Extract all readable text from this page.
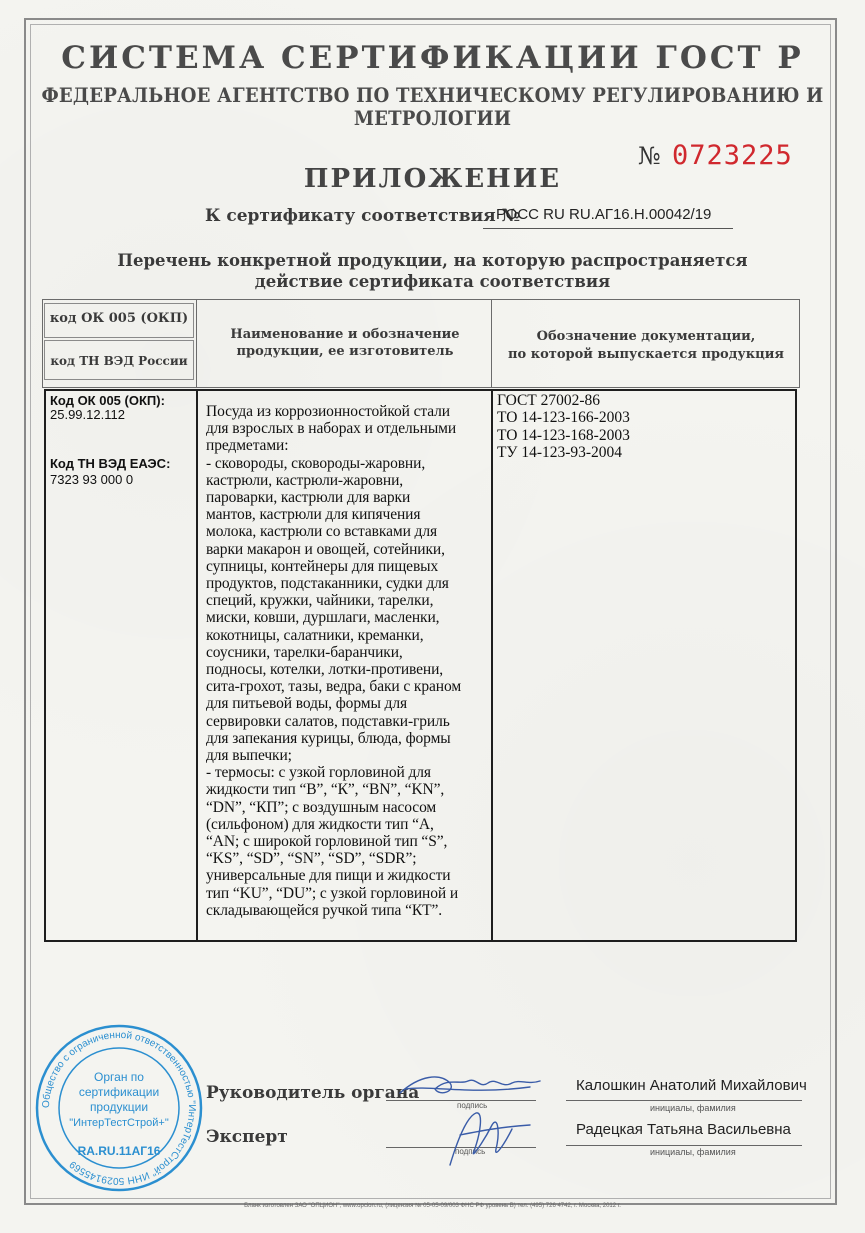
СИСТЕМА СЕРТИФИКАЦИИ ГОСТ Р
ФЕДЕРАЛЬНОЕ АГЕНТСТВО ПО ТЕХНИЧЕСКОМУ РЕГУЛИРОВАНИЮ И МЕТРОЛОГИИ
№ 0723225
ПРИЛОЖЕНИЕ
К сертификату соответствия №
РОСС RU RU.АГ16.Н.00042/19
Перечень конкретной продукции, на которую распространяется
действие сертификата соответствия
код ОК 005 (ОКП)
код ТН ВЭД России
Наименование и обозначение
продукции, ее изготовитель
Обозначение документации,
по которой выпускается продукция
Код ОК 005 (ОКП):
25.99.12.112
Код ТН ВЭД ЕАЭС:
7323 93 000 0
Посуда из коррозионностойкой стали
для взрослых в наборах и отдельными
предметами:
- сковороды, сковороды-жаровни,
кастрюли, кастрюли-жаровни,
пароварки, кастрюли для варки
мантов, кастрюли для кипячения
молока, кастрюли со вставками для
варки макарон и овощей, сотейники,
супницы, контейнеры для пищевых
продуктов, подстаканники, судки для
специй, кружки, чайники, тарелки,
миски, ковши, дуршлаги, масленки,
кокотницы, салатники, креманки,
соусники, тарелки-баранчики,
подносы, котелки, лотки-противени,
сита-грохот, тазы, ведра, баки с краном
для питьевой воды, формы для
сервировки салатов, подставки-гриль
для запекания курицы, блюда, формы
для выпечки;
- термосы: с узкой горловиной для
жидкости тип “В”, “К”, “BN”, “KN”,
“DN”, “КП”; с воздушным насосом
(сильфоном) для жидкости тип “А,
“AN; с широкой горловиной тип “S”,
“KS”, “SD”, “SN”, “SD”, “SDR”;
универсальные для пищи и жидкости
тип “KU”, “DU”; с узкой горловиной и
складывающейся ручкой типа “КТ”.
ГОСТ 27002-86
ТО 14-123-166-2003
ТО 14-123-168-2003
ТУ 14-123-93-2004
Общество с ограниченной ответственностью "ИнтерТестСтрой" ИНН 5029145569
Орган по
сертификации
продукции
"ИнтерТестСтрой+"
RA.RU.11АГ16
Руководитель органа
Эксперт
подпись
подпись
Калошкин Анатолий Михайлович
Радецкая Татьяна Васильевна
инициалы, фамилия
инициалы, фамилия
Бланк изготовлен ЗАО "ОПЦИОН", www.opcion.ru, (лицензия № 05-05-09/003 ФНС РФ уровень В) тел. (495) 726 4742, г. Москва, 2012 г.
